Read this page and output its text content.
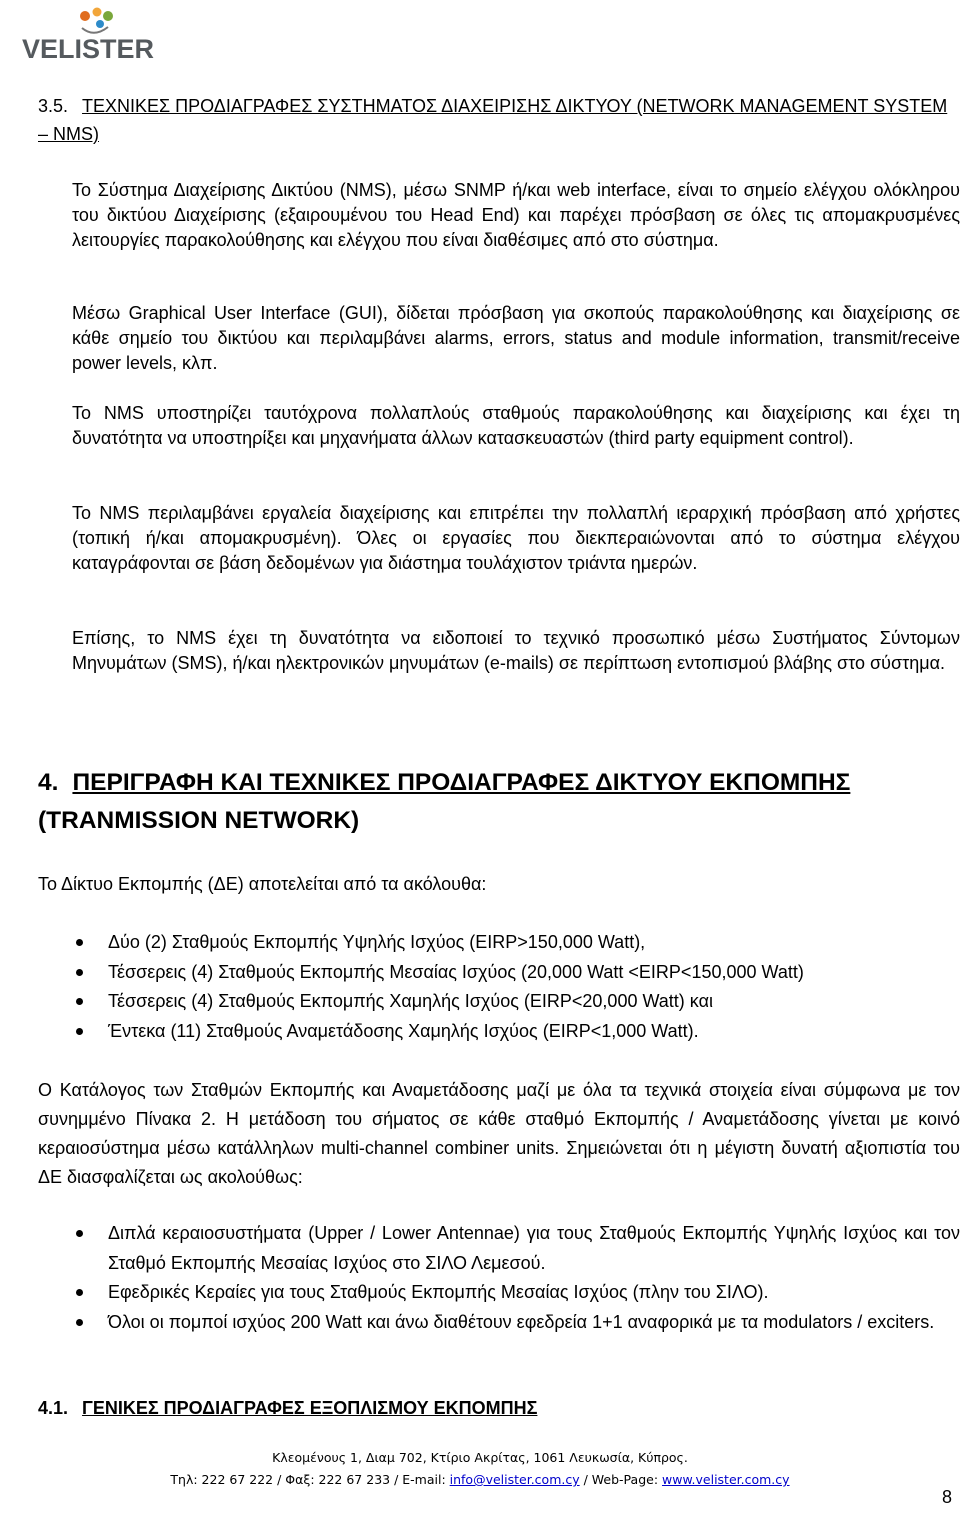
VELISTER
3.5. ΤΕΧΝΙΚΕΣ ΠΡΟΔΙΑΓΡΑΦΕΣ ΣΥΣΤΗΜΑΤΟΣ ΔΙΑΧΕΙΡΙΣΗΣ ΔΙΚΤΥΟΥ (NETWORK MANAGEMENT SYSTEM – NMS)

Το Σύστημα Διαχείρισης Δικτύου (NMS), μέσω SNMP ή/και web interface, είναι το σημείο ελέγχου ολόκληρου του δικτύου Διαχείρισης (εξαιρουμένου του Head End) και παρέχει πρόσβαση σε όλες τις απομακρυσμένες λειτουργίες παρακολούθησης και ελέγχου που είναι διαθέσιμες από στο σύστημα.

Μέσω Graphical User Interface (GUI), δίδεται πρόσβαση για σκοπούς παρακολούθησης και διαχείρισης σε κάθε σημείο του δικτύου και περιλαμβάνει alarms, errors, status and module information, transmit/receive power levels, κλπ.

Το NMS υποστηρίζει ταυτόχρονα πολλαπλούς σταθμούς παρακολούθησης και διαχείρισης και έχει τη δυνατότητα να υποστηρίξει και μηχανήματα άλλων κατασκευαστών (third party equipment control).

Το NMS περιλαμβάνει εργαλεία διαχείρισης και επιτρέπει την πολλαπλή ιεραρχική πρόσβαση από χρήστες (τοπική ή/και απομακρυσμένη). Όλες οι εργασίες που διεκπεραιώνονται από το σύστημα ελέγχου καταγράφονται σε βάση δεδομένων για διάστημα τουλάχιστον τριάντα ημερών.

Επίσης, το NMS έχει τη δυνατότητα να ειδοποιεί το τεχνικό προσωπικό μέσω Συστήματος Σύντομων Μηνυμάτων (SMS), ή/και ηλεκτρονικών μηνυμάτων (e-mails) σε περίπτωση εντοπισμού βλάβης στο σύστημα.

4. ΠΕΡΙΓΡΑΦΗ ΚΑΙ ΤΕΧΝΙΚΕΣ ΠΡΟΔΙΑΓΡΑΦΕΣ ΔΙΚΤΥΟΥ ΕΚΠΟΜΠΗΣ
(TRANMISSION NETWORK)

Το Δίκτυο Εκπομπής (ΔΕ) αποτελείται από τα ακόλουθα:

Δύο (2) Σταθμούς Εκπομπής Υψηλής Ισχύος (EIRP>150,000 Watt),
Τέσσερεις (4) Σταθμούς Εκπομπής Μεσαίας Ισχύος (20,000 Watt <EIRP<150,000 Watt)
Τέσσερεις (4) Σταθμούς Εκπομπής Χαμηλής Ισχύος (EIRP<20,000 Watt) και
Έντεκα (11) Σταθμούς Αναμετάδοσης Χαμηλής Ισχύος (EIRP<1,000 Watt).

Ο Κατάλογος των Σταθμών Εκπομπής και Αναμετάδοσης μαζί με όλα τα τεχνικά στοιχεία είναι σύμφωνα με τον συνημμένο Πίνακα 2. Η μετάδοση του σήματος σε κάθε σταθμό Εκπομπής / Αναμετάδοσης γίνεται με κοινό κεραιοσύστημα μέσω κατάλληλων multi-channel combiner units. Σημειώνεται ότι η μέγιστη δυνατή αξιοπιστία του ΔΕ διασφαλίζεται ως ακολούθως:

Διπλά κεραιοσυστήματα (Upper / Lower Antennae) για τους Σταθμούς Εκπομπής Υψηλής Ισχύος και τον Σταθμό Εκπομπής Μεσαίας Ισχύος στο ΣΙΛΟ Λεμεσού.
Εφεδρικές Κεραίες για τους Σταθμούς Εκπομπής Μεσαίας Ισχύος (πλην του ΣΙΛΟ).
Όλοι οι πομποί ισχύος 200 Watt και άνω διαθέτουν εφεδρεία 1+1 αναφορικά με τα modulators / exciters.
4.1. ΓΕΝΙΚΕΣ ΠΡΟΔΙΑΓΡΑΦΕΣ ΕΞΟΠΛΙΣΜΟΥ ΕΚΠΟΜΠΗΣ
Κλεομένους 1, Διαμ 702, Κτίριο Ακρίτας, 1061 Λευκωσία, Κύπρος.
Τηλ: 222 67 222 / Φαξ: 222 67 233 / E-mail: info@velister.com.cy / Web-Page: www.velister.com.cy
8
